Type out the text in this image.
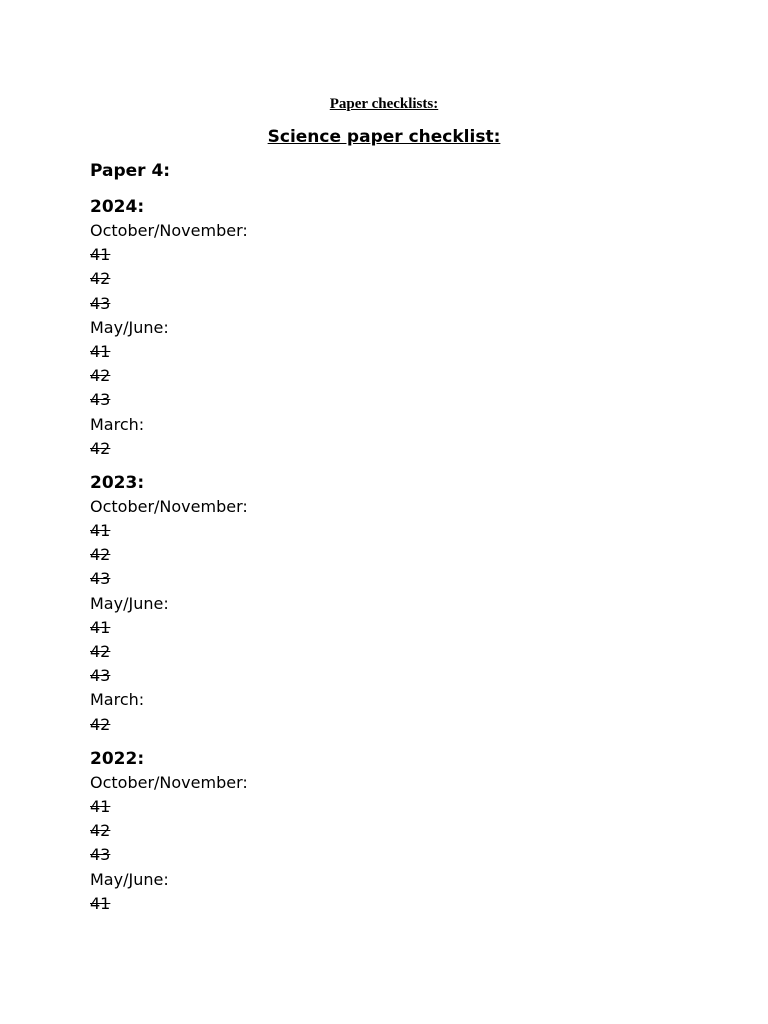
Paper checklists:
Science paper checklist:
Paper 4:
2024:
October/November:
41
42
43
May/June:
41
42
43
March:
42
2023:
October/November:
41
42
43
May/June:
41
42
43
March:
42
2022:
October/November:
41
42
43
May/June:
41
